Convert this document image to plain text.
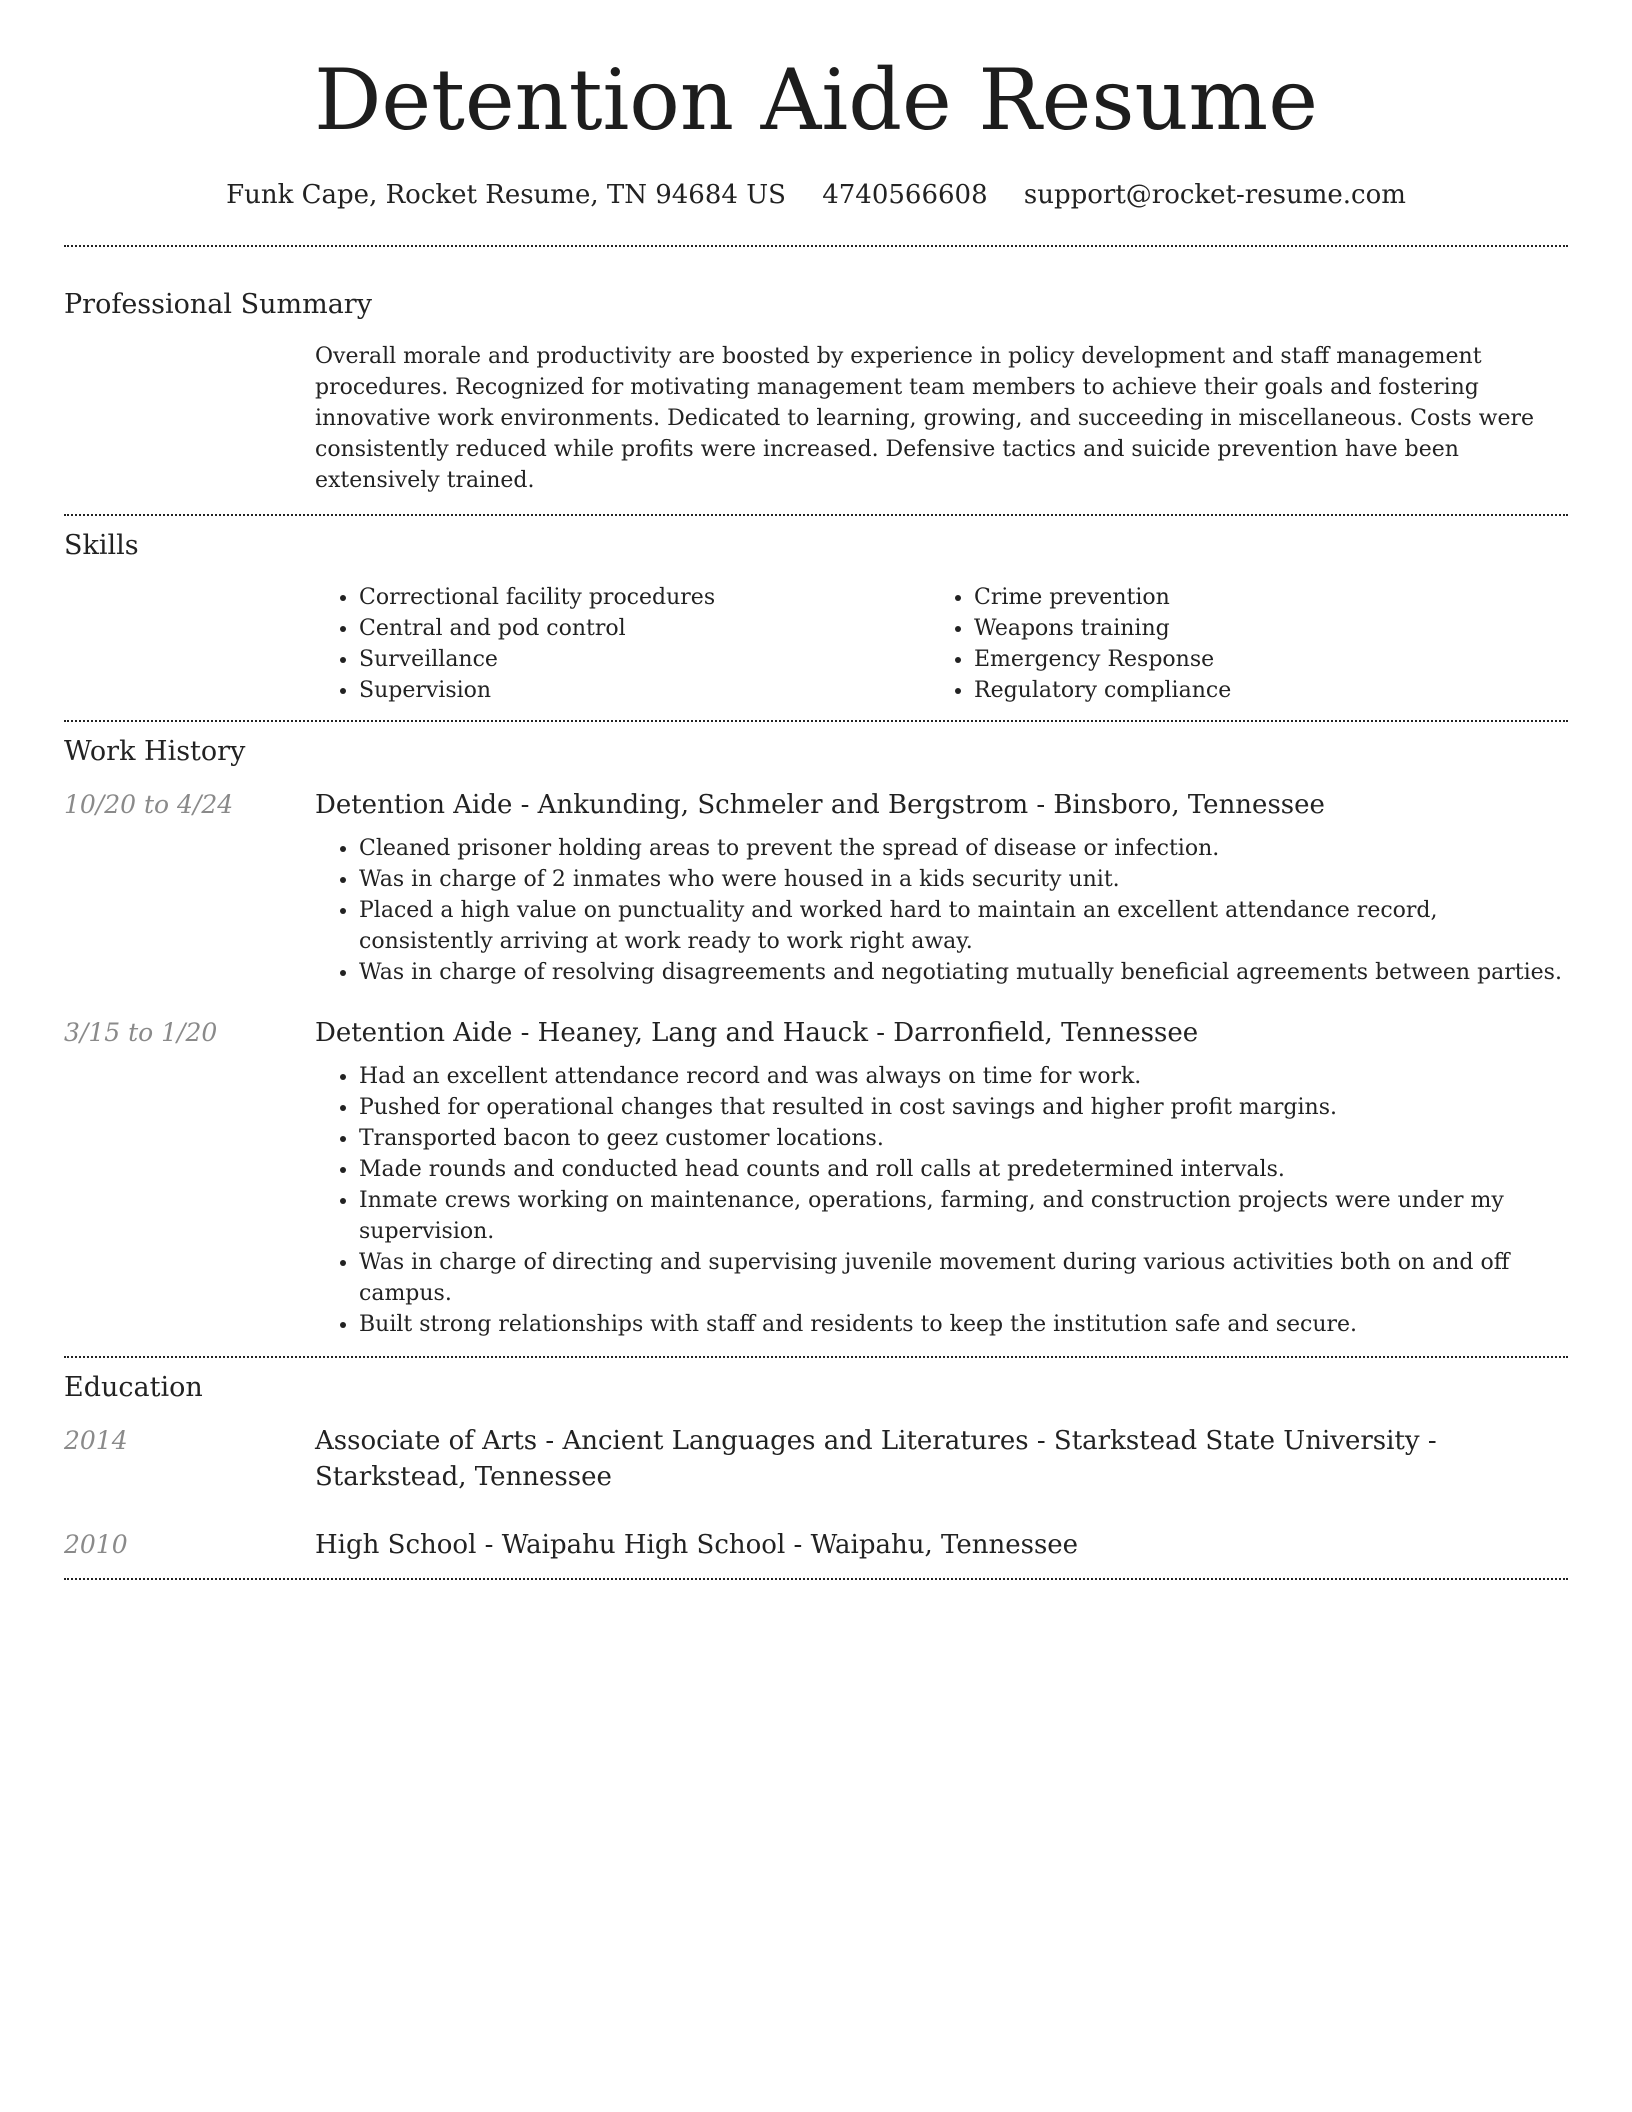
Detention Aide Resume
Funk Cape, Rocket Resume, TN 94684 US 4740566608 support@rocket-resume.com
Professional Summary
Overall morale and productivity are boosted by experience in policy development and staff management procedures. Recognized for motivating management team members to achieve their goals and fostering innovative work environments. Dedicated to learning, growing, and succeeding in miscellaneous. Costs were consistently reduced while profits were increased. Defensive tactics and suicide prevention have been extensively trained.
Skills
• Correctional facility procedures
• Central and pod control
• Surveillance
• Supervision
• Crime prevention
• Weapons training
• Emergency Response
• Regulatory compliance
Work History
10/20 to 4/24	Detention Aide - Ankunding, Schmeler and Bergstrom - Binsboro, Tennessee
• Cleaned prisoner holding areas to prevent the spread of disease or infection.
• Was in charge of 2 inmates who were housed in a kids security unit.
• Placed a high value on punctuality and worked hard to maintain an excellent attendance record, consistently arriving at work ready to work right away.
• Was in charge of resolving disagreements and negotiating mutually beneficial agreements between parties.
3/15 to 1/20	Detention Aide - Heaney, Lang and Hauck - Darronfield, Tennessee
• Had an excellent attendance record and was always on time for work.
• Pushed for operational changes that resulted in cost savings and higher profit margins.
• Transported bacon to geez customer locations.
• Made rounds and conducted head counts and roll calls at predetermined intervals.
• Inmate crews working on maintenance, operations, farming, and construction projects were under my supervision.
• Was in charge of directing and supervising juvenile movement during various activities both on and off campus.
• Built strong relationships with staff and residents to keep the institution safe and secure.
Education
2014	Associate of Arts - Ancient Languages and Literatures - Starkstead State University - Starkstead, Tennessee
2010	High School - Waipahu High School - Waipahu, Tennessee
